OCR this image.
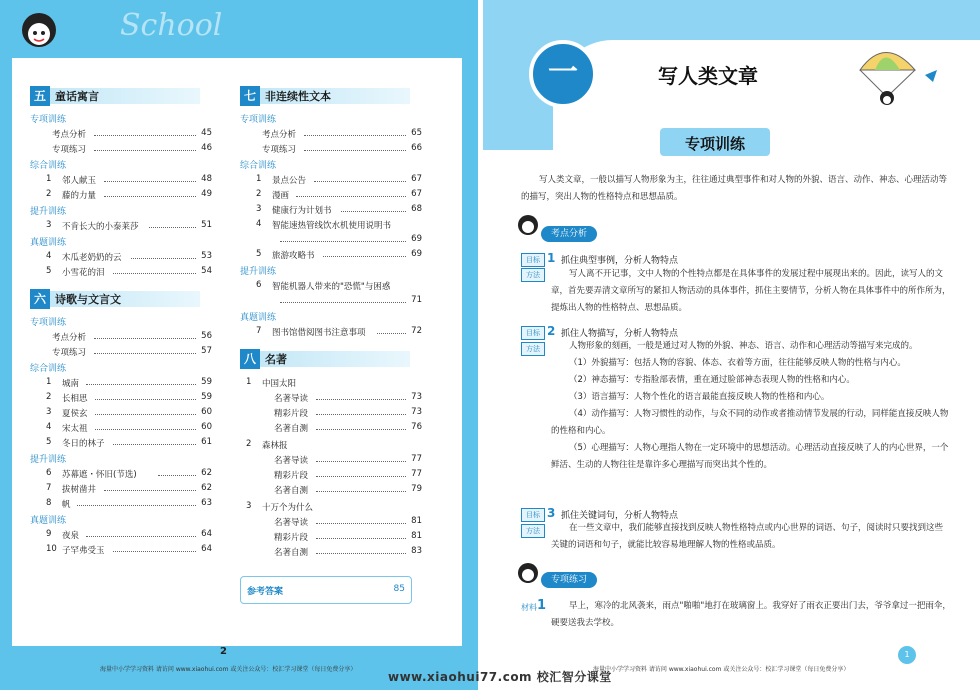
School
五 童话寓言
专项训练
考点分析	45
专项练习	46
综合训练
1 邻人献玉	48
2 藤的力量	49
提升训练
3 不肯长大的小泰莱莎	51
真题训练
4 木瓜老奶奶的云	53
5 小雪花的泪	54
六 诗歌与文言文
专项训练
考点分析	56
专项练习	57
综合训练
1 城南	59
2 长相思	59
3 夏侯玄	60
4 宋太祖	60
5 冬日的林子	61
提升训练
6 苏幕遮・怀旧(节选)	62
7 拔树凿井	62
8 帆	63
真题训练
9 夜泉	64
10 子罕弗受玉	64
七 非连续性文本
专项训练
考点分析	65
专项练习	66
综合训练
1 景点公告	67
2 漫画	67
3 健康行为计划书	68
4 智能速热管线饮水机使用说明书
69
5 旅游攻略书	69
提升训练
6 智能机器人带来的"恐慌"与困惑
71
真题训练
7 图书馆借阅图书注意事项	72
八 名著
1 中国太阳
名著导读	73
精彩片段	73
名著自测	76
2 森林报
名著导读	77
精彩片段	77
名著自测	79
3 十万个为什么
名著导读	81
精彩片段	81
名著自测	83
参考答案	85
2
海量中小学学习资料 请访问 www.xiaohui.com 或关注公众号：校汇学习课堂（每日免费分享）
一	写人类文章
专项训练
写人类文章，一般以描写人物形象为主，往往通过典型事件和对人物的外貌、语言、动作、神态、心理活动等的描写，突出人物的性格特点和思想品质。
考点分析
目标
方法
1 抓住典型事例，分析人物特点
写人离不开记事，文中人物的个性特点都是在具体事件的发展过程中展现出来的。因此，读写人的文章，首先要弄清文章所写的紧扣人物活动的具体事件，抓住主要情节，分析人物在具体事件中的所作所为，提炼出人物的性格特点、思想品质。
目标
方法
2 抓住人物描写，分析人物特点
人物形象的刻画，一般是通过对人物的外貌、神态、语言、动作和心理活动等描写来完成的。
（1）外貌描写：包括人物的容貌、体态、衣着等方面，往往能够反映人物的性格与内心。
（2）神态描写：专指脸部表情，重在通过脸部神态表现人物的性格和内心。
（3）语言描写：人物个性化的语言最能直接反映人物的性格和内心。
（4）动作描写：人物习惯性的动作，与众不同的动作或者推动情节发展的行动，同样能直接反映人物的性格和内心。
（5）心理描写：人物心理指人物在一定环境中的思想活动。心理活动直接反映了人的内心世界，一个鲜活、生动的人物往往是靠许多心理描写而突出其个性的。
目标
方法
3 抓住关键词句，分析人物特点
在一些文章中，我们能够直接找到反映人物性格特点或内心世界的词语、句子，阅读时只要找到这些关键的词语和句子，就能比较容易地理解人物的性格或品质。
专项练习
材料 1	早上，寒冷的北风袭来，雨点"啪啪"地打在玻璃窗上。我穿好了雨衣正要出门去，爷爷拿过一把雨伞，硬要送我去学校。
1
海量中小学学习资料 请访问 www.xiaohui.com 或关注公众号：校汇学习课堂（每日免费分享）
www.xiaohui77.com 校汇智分课堂
